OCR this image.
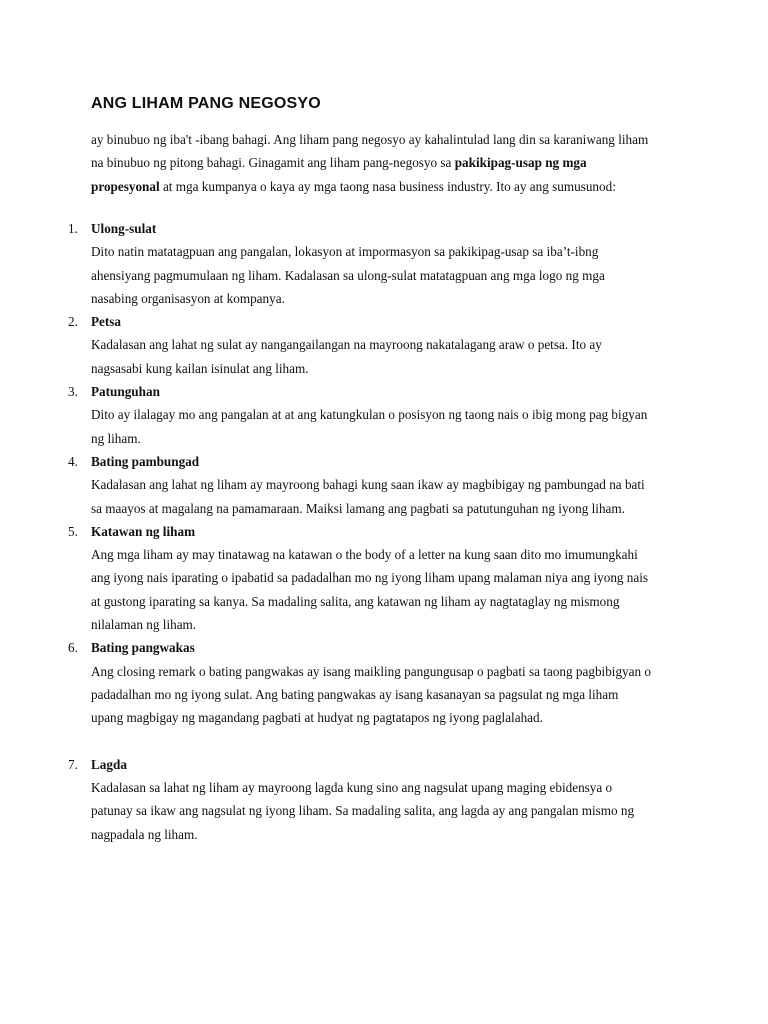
ANG LIHAM PANG NEGOSYO

ay binubuo ng iba't -ibang bahagi. Ang liham pang negosyo ay kahalintulad lang din sa karaniwang liham
na binubuo ng pitong bahagi. Ginagamit ang liham pang-negosyo sa pakikipag-usap ng mga
propesyonal at mga kumpanya o kaya ay mga taong nasa business industry. Ito ay ang sumusunod:

1. Ulong-sulat
Dito natin matatagpuan ang pangalan, lokasyon at impormasyon sa pakikipag-usap sa iba’t-ibng
ahensiyang pagmumulaan ng liham. Kadalasan sa ulong-sulat matatagpuan ang mga logo ng mga
nasabing organisasyon at kompanya.
2. Petsa
Kadalasan ang lahat ng sulat ay nangangailangan na mayroong nakatalagang araw o petsa. Ito ay
nagsasabi kung kailan isinulat ang liham.
3. Patunguhan
Dito ay ilalagay mo ang pangalan at at ang katungkulan o posisyon ng taong nais o ibig mong pag bigyan
ng liham.
4. Bating pambungad
Kadalasan ang lahat ng liham ay mayroong bahagi kung saan ikaw ay magbibigay ng pambungad na bati
sa maayos at magalang na pamamaraan. Maiksi lamang ang pagbati sa patutunguhan ng iyong liham.
5. Katawan ng liham
Ang mga liham ay may tinatawag na katawan o the body of a letter na kung saan dito mo imumungkahi
ang iyong nais iparating o ipabatid sa padadalhan mo ng iyong liham upang malaman niya ang iyong nais
at gustong iparating sa kanya. Sa madaling salita, ang katawan ng liham ay nagtataglay ng mismong
nilalaman ng liham.
6. Bating pangwakas
Ang closing remark o bating pangwakas ay isang maikling pangungusap o pagbati sa taong pagbibigyan o
padadalhan mo ng iyong sulat. Ang bating pangwakas ay isang kasanayan sa pagsulat ng mga liham
upang magbigay ng magandang pagbati at hudyat ng pagtatapos ng iyong paglalahad.
7. Lagda
Kadalasan sa lahat ng liham ay mayroong lagda kung sino ang nagsulat upang maging ebidensya o
patunay sa ikaw ang nagsulat ng iyong liham. Sa madaling salita, ang lagda ay ang pangalan mismo ng
nagpadala ng liham.
